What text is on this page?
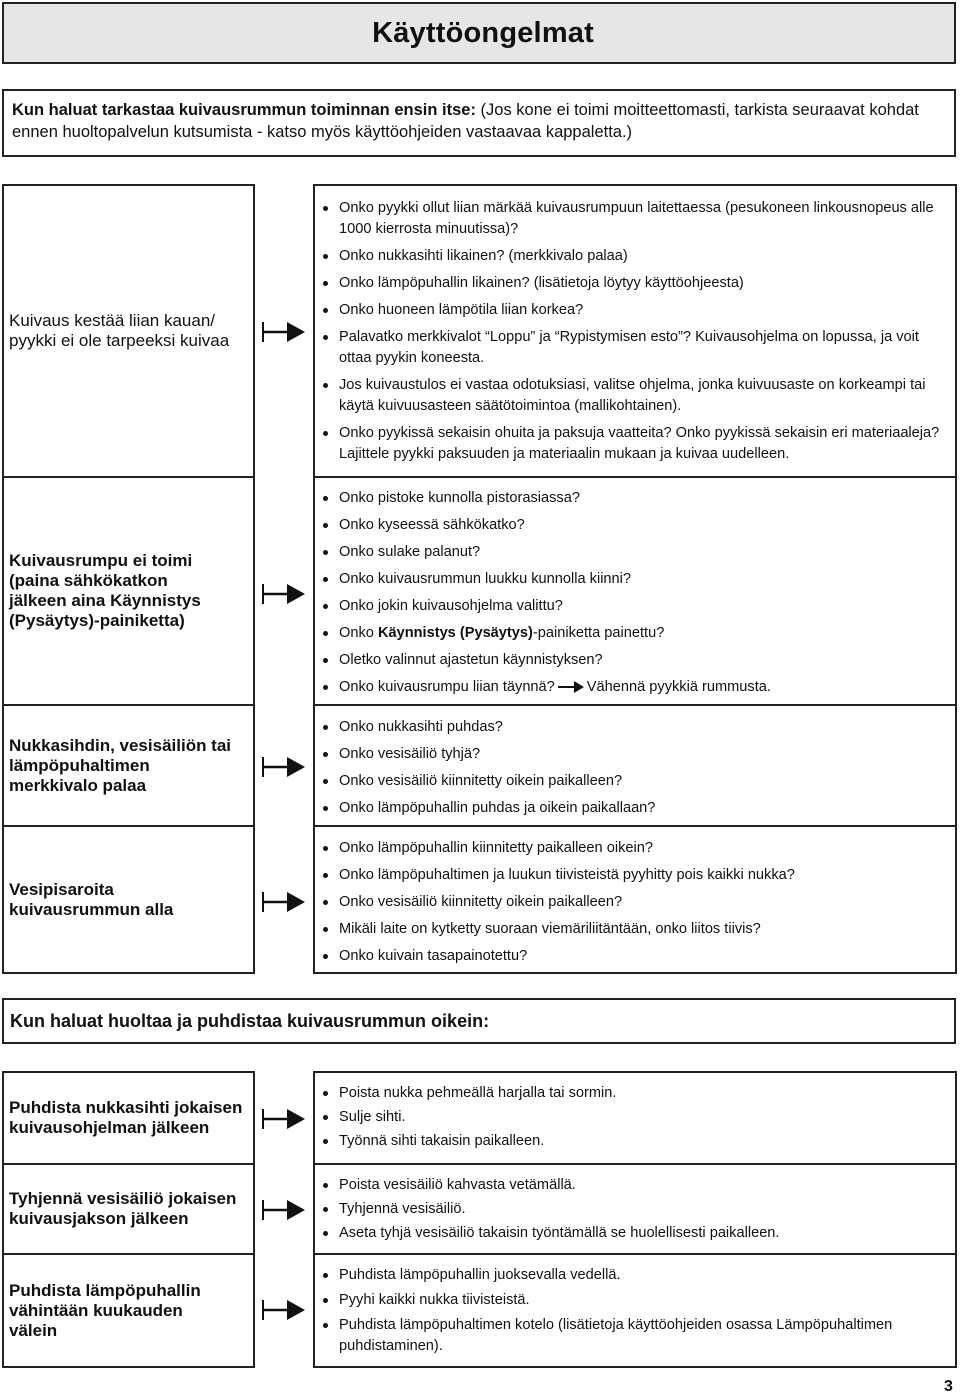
Käyttöongelmat
Kun haluat tarkastaa kuivausrummun toiminnan ensin itse: (Jos kone ei toimi moitteettomasti, tarkista seuraavat kohdat ennen huoltopalvelun kutsumista - katso myös käyttöohjeiden vastaavaa kappaletta.)
Kuivaus kestää liian kauan/
pyykki ei ole tarpeeksi kuivaa
Onko pyykki ollut liian märkää kuivausrumpuun laitettaessa (pesukoneen linkousnopeus alle 1000 kierrosta minuutissa)?
Onko nukkasihti likainen? (merkkivalo palaa)
Onko lämpöpuhallin likainen? (lisätietoja löytyy käyttöohjeesta)
Onko huoneen lämpötila liian korkea?
Palavatko merkkivalot “Loppu” ja “Rypistymisen esto”? Kuivausohjelma on lopussa, ja voit ottaa pyykin koneesta.
Jos kuivaustulos ei vastaa odotuksiasi, valitse ohjelma, jonka kuivuusaste on korkeampi tai käytä kuivuusasteen säätötoimintoa (mallikohtainen).
Onko pyykissä sekaisin ohuita ja paksuja vaatteita? Onko pyykissä sekaisin eri materiaaleja? Lajittele pyykki paksuuden ja materiaalin mukaan ja kuivaa uudelleen.
Kuivausrumpu ei toimi
(paina sähkökatkon
jälkeen aina Käynnistys
(Pysäytys)-painiketta)
Onko pistoke kunnolla pistorasiassa?
Onko kyseessä sähkökatko?
Onko sulake palanut?
Onko kuivausrummun luukku kunnolla kiinni?
Onko jokin kuivausohjelma valittu?
Onko Käynnistys (Pysäytys)-painiketta painettu?
Oletko valinnut ajastetun käynnistyksen?
Onko kuivausrumpu liian täynnä? Vähennä pyykkiä rummusta.
Nukkasihdin, vesisäiliön tai
lämpöpuhaltimen
merkkivalo palaa
Onko nukkasihti puhdas?
Onko vesisäiliö tyhjä?
Onko vesisäiliö kiinnitetty oikein paikalleen?
Onko lämpöpuhallin puhdas ja oikein paikallaan?
Vesipisaroita
kuivausrummun alla
Onko lämpöpuhallin kiinnitetty paikalleen oikein?
Onko lämpöpuhaltimen ja luukun tiivisteistä pyyhitty pois kaikki nukka?
Onko vesisäiliö kiinnitetty oikein paikalleen?
Mikäli laite on kytketty suoraan viemäriliitäntään, onko liitos tiivis?
Onko kuivain tasapainotettu?
Kun haluat huoltaa ja puhdistaa kuivausrummun oikein:
Puhdista nukkasihti jokaisen
kuivausohjelman jälkeen
Poista nukka pehmeällä harjalla tai sormin.
Sulje sihti.
Työnnä sihti takaisin paikalleen.
Tyhjennä vesisäiliö jokaisen
kuivausjakson jälkeen
Poista vesisäiliö kahvasta vetämällä.
Tyhjennä vesisäiliö.
Aseta tyhjä vesisäiliö takaisin työntämällä se huolellisesti paikalleen.
Puhdista lämpöpuhallin
vähintään kuukauden
välein
Puhdista lämpöpuhallin juoksevalla vedellä.
Pyyhi kaikki nukka tiivisteistä.
Puhdista lämpöpuhaltimen kotelo (lisätietoja käyttöohjeiden osassa Lämpöpuhaltimen puhdistaminen).
3
